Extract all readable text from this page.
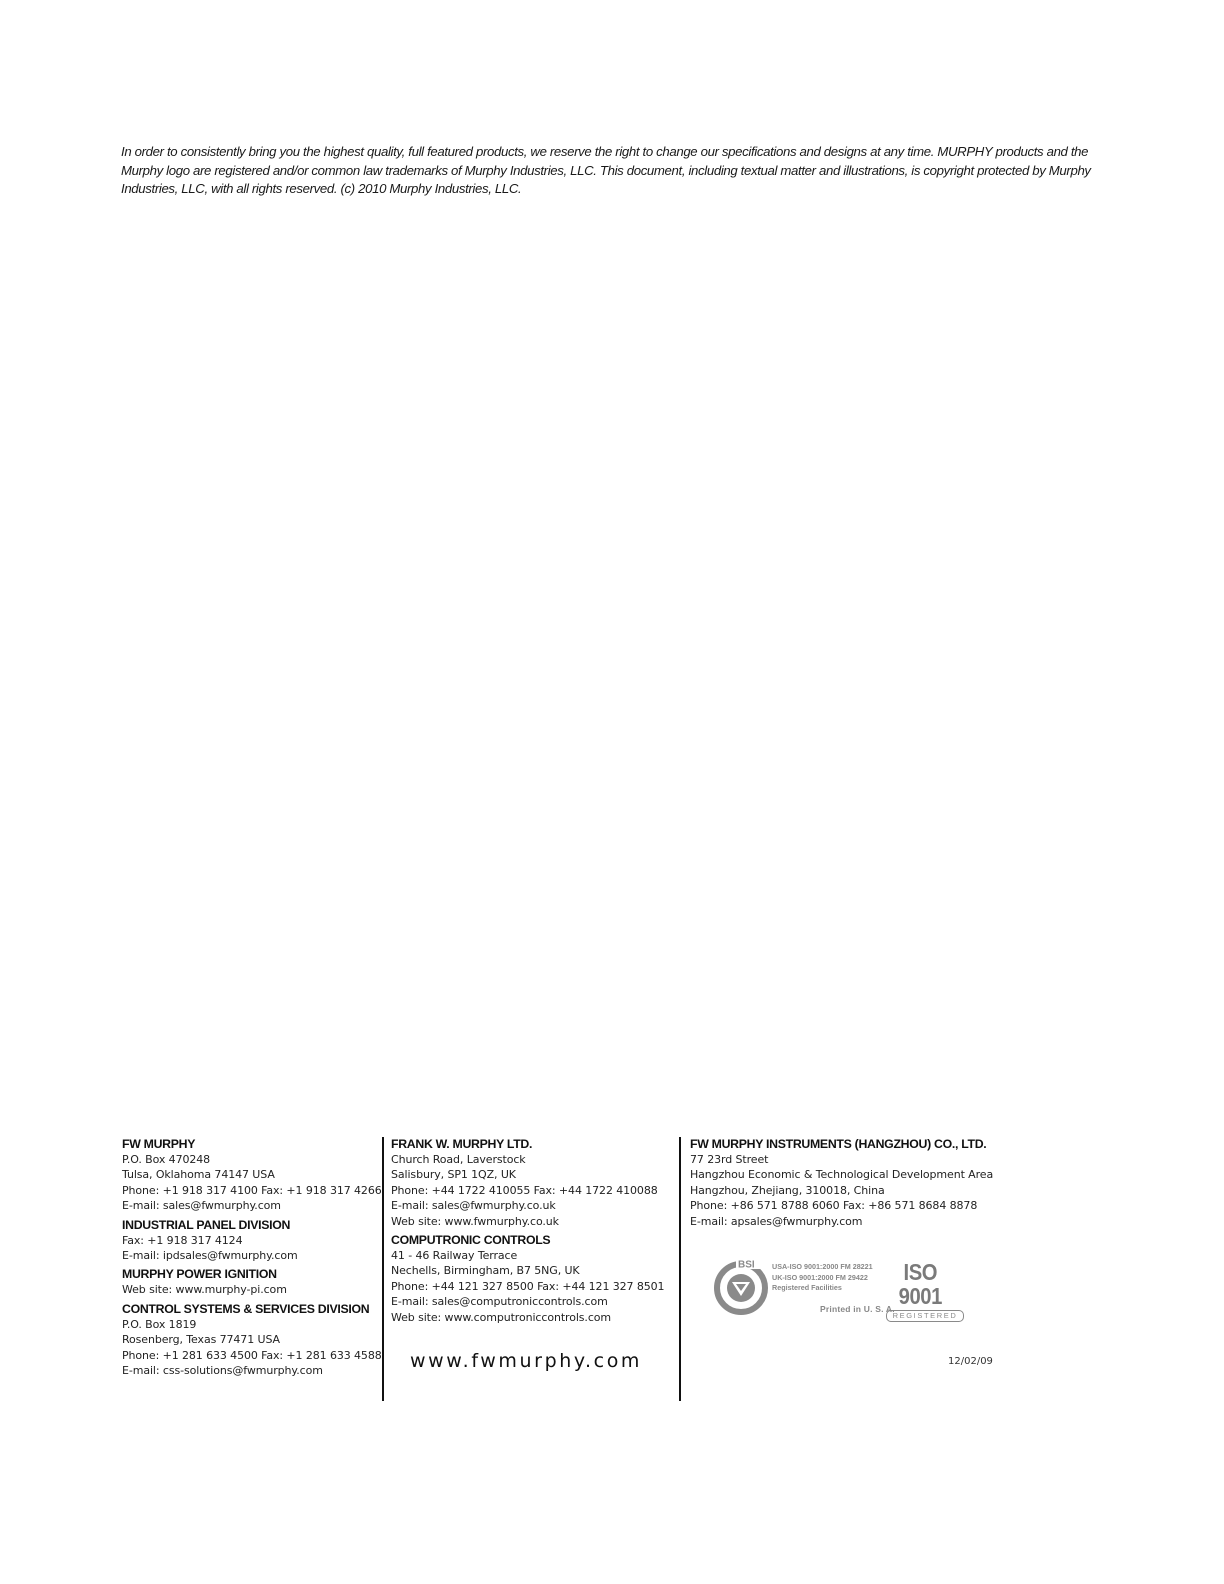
In order to consistently bring you the highest quality, full featured products, we reserve the right to change our specifications and designs at any time. MURPHY products and the Murphy logo are registered and/or common law trademarks of Murphy Industries, LLC. This document, including textual matter and illustrations, is copyright protected by Murphy Industries, LLC, with all rights reserved. (c) 2010 Murphy Industries, LLC.

FW MURPHY
P.O. Box 470248
Tulsa, Oklahoma 74147 USA
Phone: +1 918 317 4100 Fax: +1 918 317 4266
E-mail: sales@fwmurphy.com
INDUSTRIAL PANEL DIVISION
Fax: +1 918 317 4124
E-mail: ipdsales@fwmurphy.com
MURPHY POWER IGNITION
Web site: www.murphy-pi.com
CONTROL SYSTEMS & SERVICES DIVISION
P.O. Box 1819
Rosenberg, Texas 77471 USA
Phone: +1 281 633 4500 Fax: +1 281 633 4588
E-mail: css-solutions@fwmurphy.com
FRANK W. MURPHY LTD.
Church Road, Laverstock
Salisbury, SP1 1QZ, UK
Phone: +44 1722 410055 Fax: +44 1722 410088
E-mail: sales@fwmurphy.co.uk
Web site: www.fwmurphy.co.uk
COMPUTRONIC CONTROLS
41 - 46 Railway Terrace
Nechells, Birmingham, B7 5NG, UK
Phone: +44 121 327 8500 Fax: +44 121 327 8501
E-mail: sales@computroniccontrols.com
Web site: www.computroniccontrols.com
FW MURPHY INSTRUMENTS (HANGZHOU) CO., LTD.
77 23rd Street
Hangzhou Economic & Technological Development Area
Hangzhou, Zhejiang, 310018, China
Phone: +86 571 8788 6060 Fax: +86 571 8684 8878
E-mail: apsales@fwmurphy.com
BSI USA-ISO 9001:2000 FM 28221
UK-ISO 9001:2000 FM 29422
Registered Facilities
ISO 9001
REGISTERED
Printed in U. S. A.
www.fwmurphy.com	12/02/09
